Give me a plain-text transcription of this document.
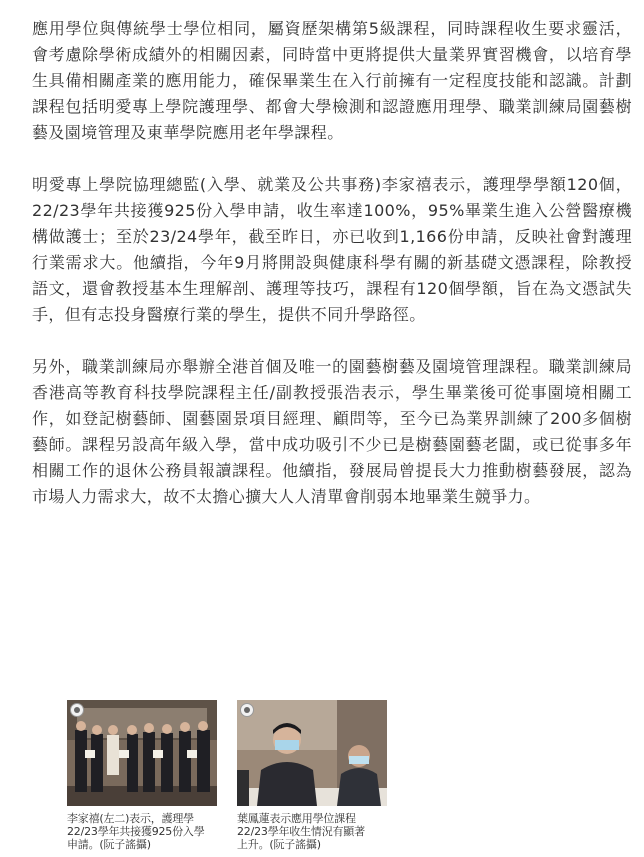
應用學位與傳統學士學位相同，屬資歷架構第5級課程，同時課程收生要求靈活，會考慮除學術成績外的相關因素，同時當中更將提供大量業界實習機會，以培育學生具備相關產業的應用能力，確保畢業生在入行前擁有一定程度技能和認識。計劃課程包括明愛專上學院護理學、都會大學檢測和認證應用理學、職業訓練局園藝樹藝及園境管理及東華學院應用老年學課程。

明愛專上學院協理總監(入學、就業及公共事務)李家禧表示，護理學學額120個，22/23學年共接獲925份入學申請，收生率達100%，95%畢業生進入公營醫療機構做護士；至於23/24學年，截至昨日，亦已收到1,166份申請，反映社會對護理行業需求大。他續指，今年9月將開設與健康科學有關的新基礎文憑課程，除教授語文，還會教授基本生理解剖、護理等技巧，課程有120個學額，旨在為文憑試失手，但有志投身醫療行業的學生，提供不同升學路徑。

另外，職業訓練局亦舉辦全港首個及唯一的園藝樹藝及園境管理課程。職業訓練局香港高等教育科技學院課程主任/副教授張浩表示，學生畢業後可從事園境相關工作，如登記樹藝師、園藝園景項目經理、顧問等，至今已為業界訓練了200多個樹藝師。課程另設高年級入學，當中成功吸引不少已是樹藝園藝老闆，或已從事多年相關工作的退休公務員報讀課程。他續指，發展局曾提長大力推動樹藝發展，認為市場人力需求大，故不太擔心擴大人人清單會削弱本地畢業生競爭力。

李家禧(左二)表示，護理學
22/23學年共接獲925份入學
申請。(阮子謠攝)
葉鳳蓮表示應用學位課程
22/23學年收生情況有顯著
上升。(阮子謠攝)
